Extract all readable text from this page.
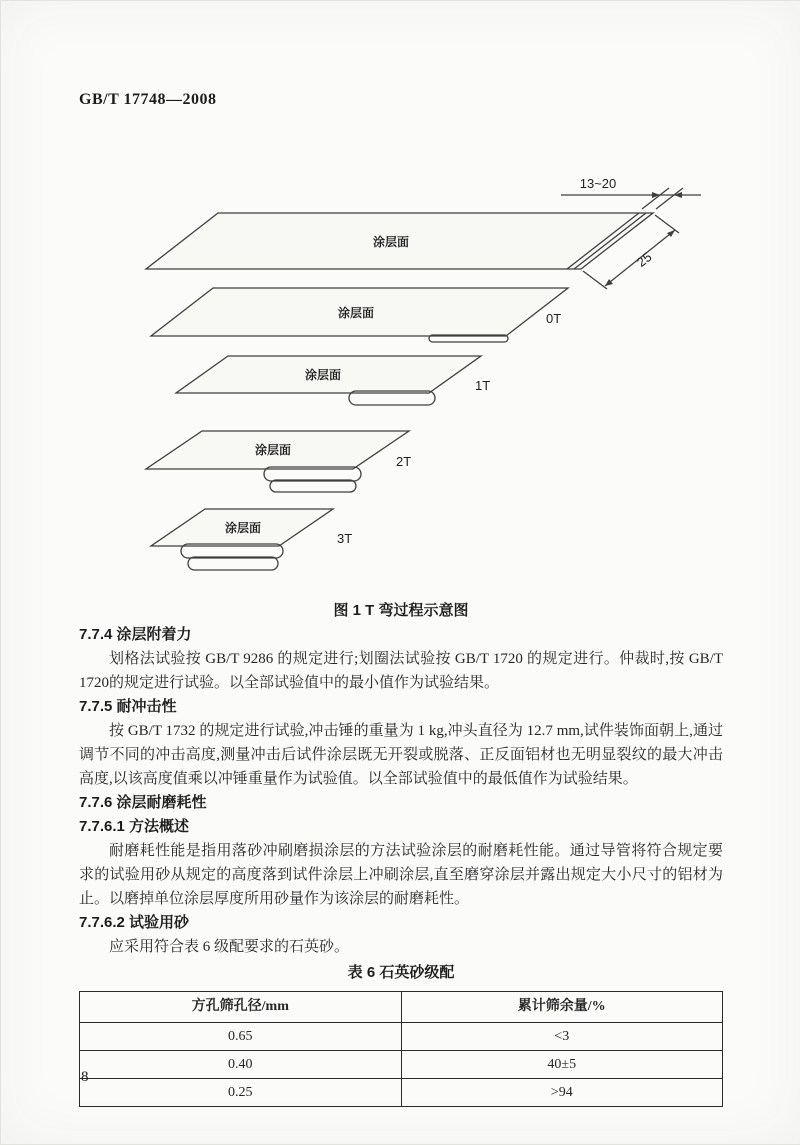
GB/T 17748—2008
13~20
25
涂层面
涂层面
涂层面
涂层面
涂层面
0T
1T
2T
3T
图 1 T 弯过程示意图
7.7.4 涂层附着力

划格法试验按 GB/T 9286 的规定进行;划圈法试验按 GB/T 1720 的规定进行。仲裁时,按 GB/T 1720的规定进行试验。以全部试验值中的最小值作为试验结果。

7.7.5 耐冲击性

按 GB/T 1732 的规定进行试验,冲击锤的重量为 1 kg,冲头直径为 12.7 mm,试件装饰面朝上,通过调节不同的冲击高度,测量冲击后试件涂层既无开裂或脱落、正反面铝材也无明显裂纹的最大冲击高度,以该高度值乘以冲锤重量作为试验值。以全部试验值中的最低值作为试验结果。

7.7.6 涂层耐磨耗性
7.7.6.1 方法概述

耐磨耗性能是指用落砂冲刷磨损涂层的方法试验涂层的耐磨耗性能。通过导管将符合规定要求的试验用砂从规定的高度落到试件涂层上冲刷涂层,直至磨穿涂层并露出规定大小尺寸的铝材为止。以磨掉单位涂层厚度所用砂量作为该涂层的耐磨耗性。

7.7.6.2 试验用砂

应采用符合表 6 级配要求的石英砂。

表 6 石英砂级配
方孔筛孔径/mm	累计筛余量/%
0.65	<3
0.40	40±5
0.25	>94
8
